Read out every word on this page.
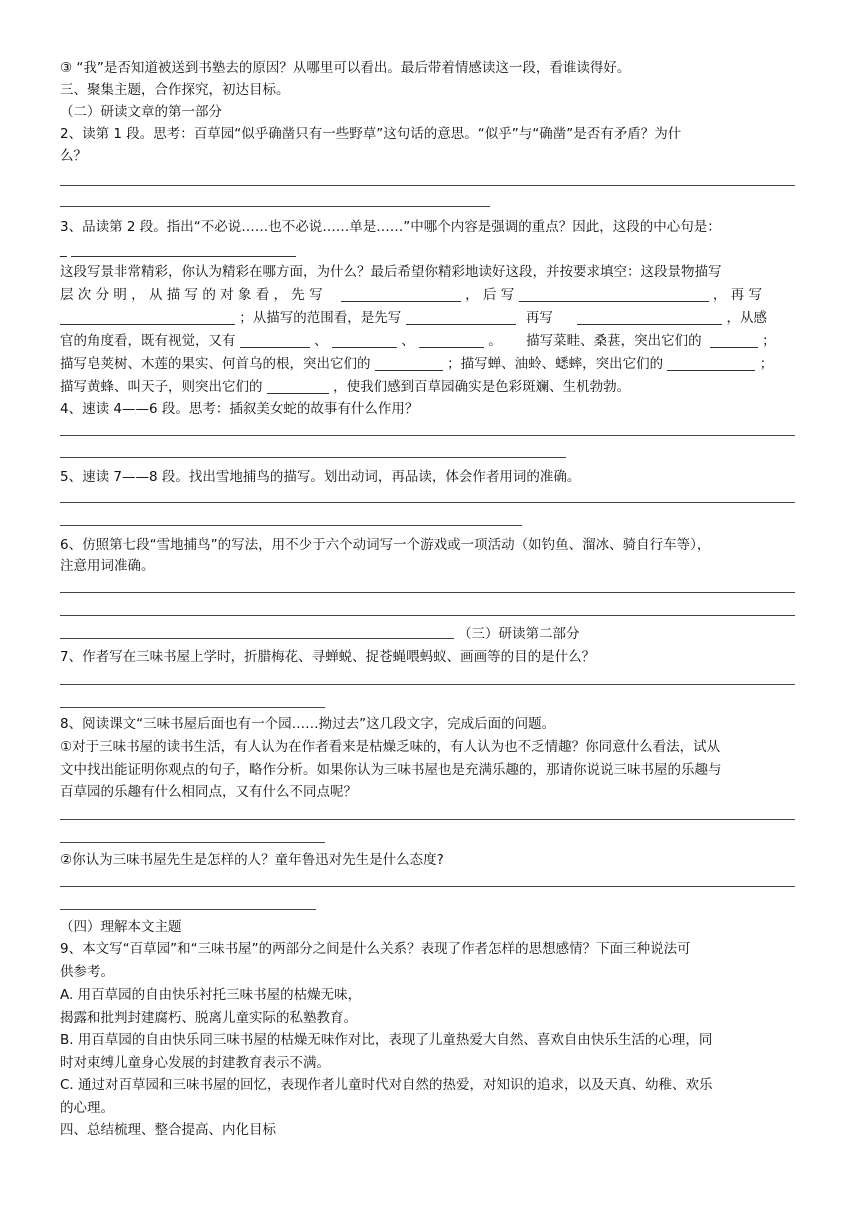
③ “我”是否知道被送到书塾去的原因？从哪里可以看出。最后带着情感读这一段，看谁读得好。
三、聚集主题，合作探究，初达目标。
（二）研读文章的第一部分
2、读第 1 段。思考：百草园“似乎确凿只有一些野草”这句话的意思。“似乎”与“确凿”是否有矛盾？为什
么？
3、品读第 2 段。指出“不必说……也不必说……单是……”中哪个内容是强调的重点？因此，这段的中心句是：
_
这段写景非常精彩，你认为精彩在哪方面，为什么？最后希望你精彩地读好这段，并按要求填空：这段景物描写
层 次 分 明 ， 从 描 写 的 对 象 看 ， 先 写	， 后 写	， 再 写
；从描写的范围看，是先写	再写	，从感
官的角度看，既有视觉，又有	、	、	。 描写菜畦、桑葚，突出它们的	；
描写皂荚树、木莲的果实、何首乌的根，突出它们的	；描写蝉、油蛉、蟋蟀，突出它们的	；
描写黄蜂、叫天子，则突出它们的	，使我们感到百草园确实是色彩斑斓、生机勃勃。
4、速读 4——6 段。思考：插叙美女蛇的故事有什么作用？
5、速读 7——8 段。找出雪地捕鸟的描写。划出动词，再品读，体会作者用词的准确。
6、仿照第七段“雪地捕鸟”的写法，用不少于六个动词写一个游戏或一项活动（如钓鱼、溜冰、骑自行车等），
注意用词准确。
（三）研读第二部分
7、作者写在三味书屋上学时，折腊梅花、寻蝉蜕、捉苍蝇喂蚂蚁、画画等的目的是什么？
8、阅读课文“三味书屋后面也有一个园……拗过去”这几段文字，完成后面的问题。
①对于三味书屋的读书生活，有人认为在作者看来是枯燥乏味的，有人认为也不乏情趣？你同意什么看法，试从
文中找出能证明你观点的句子，略作分析。如果你认为三味书屋也是充满乐趣的，那请你说说三味书屋的乐趣与
百草园的乐趣有什么相同点，又有什么不同点呢？
②你认为三味书屋先生是怎样的人？童年鲁迅对先生是什么态度?
（四）理解本文主题
9、本文写“百草园”和“三味书屋”的两部分之间是什么关系？表现了作者怎样的思想感情？下面三种说法可
供参考。
A. 用百草园的自由快乐衬托三味书屋的枯燥无味，
揭露和批判封建腐朽、脱离儿童实际的私塾教育。
B. 用百草园的自由快乐同三味书屋的枯燥无味作对比，表现了儿童热爱大自然、喜欢自由快乐生活的心理，同
时对束缚儿童身心发展的封建教育表示不满。
C. 通过对百草园和三味书屋的回忆，表现作者儿童时代对自然的热爱，对知识的追求，以及天真、幼稚、欢乐
的心理。
四、总结梳理、整合提高、内化目标
